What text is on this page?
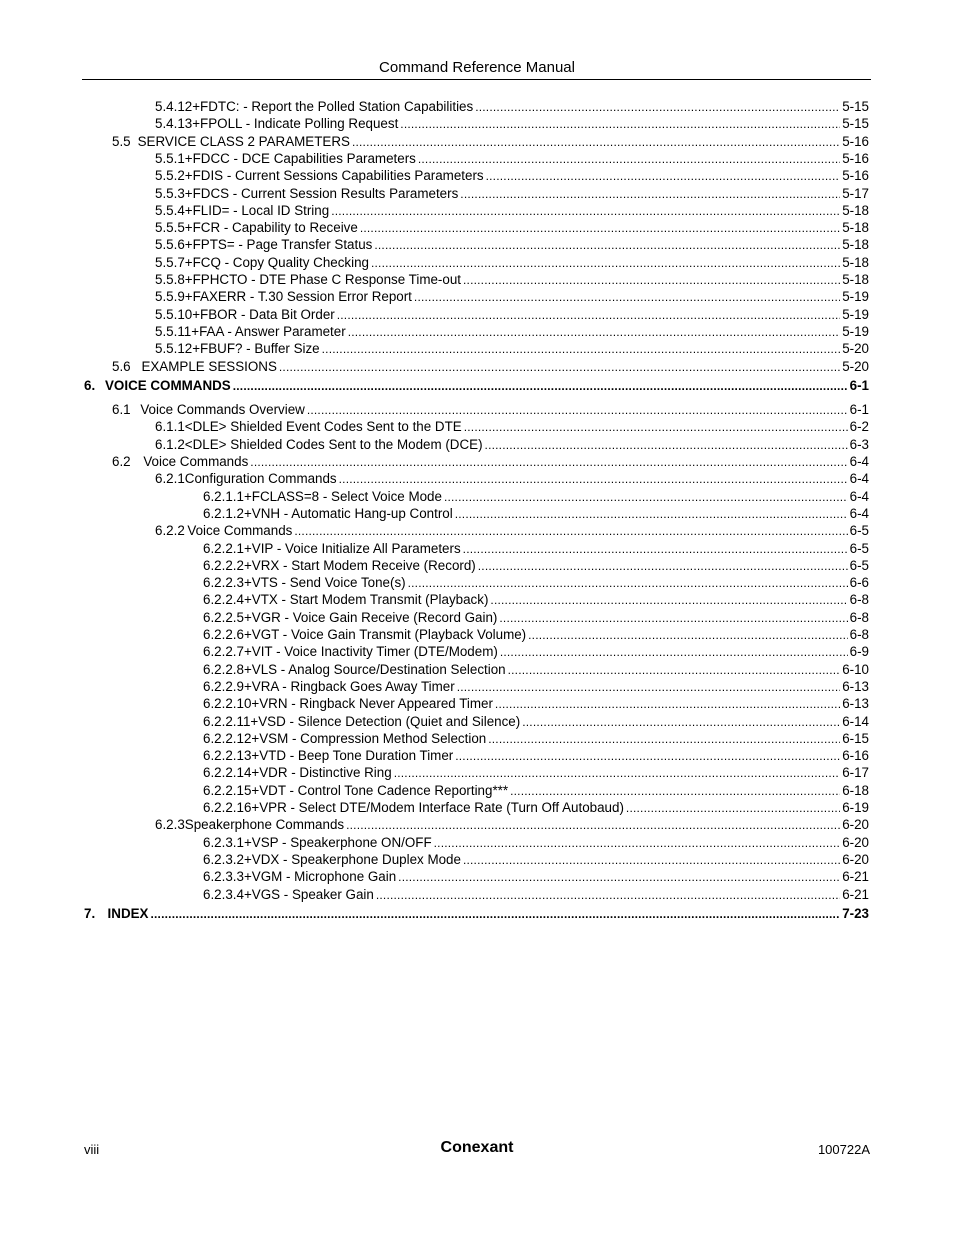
Command Reference Manual
5.4.12 +FDTC: - Report the Polled Station Capabilities .....	5-15
5.4.13 +FPOLL - Indicate Polling Request .....	5-15
5.5 SERVICE CLASS 2 PARAMETERS .....	5-16
5.5.1 +FDCC - DCE Capabilities Parameters .....	5-16
5.5.2 +FDIS - Current Sessions Capabilities Parameters .....	5-16
5.5.3 +FDCS - Current Session Results Parameters .....	5-17
5.5.4 +FLID= - Local ID String .....	5-18
5.5.5 +FCR - Capability to Receive .....	5-18
5.5.6 +FPTS= - Page Transfer Status .....	5-18
5.5.7 +FCQ - Copy Quality Checking .....	5-18
5.5.8 +FPHCTO - DTE Phase C Response Time-out .....	5-18
5.5.9 +FAXERR - T.30 Session Error Report .....	5-19
5.5.10 +FBOR - Data Bit Order .....	5-19
5.5.11 +FAA - Answer Parameter .....	5-19
5.5.12 +FBUF? - Buffer Size .....	5-20
5.6 EXAMPLE SESSIONS .....	5-20
6. VOICE COMMANDS .....	6-1
6.1 Voice Commands Overview .....	6-1
6.1.1 <DLE> Shielded Event Codes Sent to the DTE .....	6-2
6.1.2 <DLE> Shielded Codes Sent to the Modem (DCE) .....	6-3
6.2 Voice Commands .....	6-4
6.2.1 Configuration Commands .....	6-4
6.2.1.1 +FCLASS=8 - Select Voice Mode .....	6-4
6.2.1.2 +VNH - Automatic Hang-up Control .....	6-4
6.2.2 Voice Commands .....	6-5
6.2.2.1 +VIP - Voice Initialize All Parameters .....	6-5
6.2.2.2 +VRX - Start Modem Receive (Record) .....	6-5
6.2.2.3 +VTS - Send Voice Tone(s) .....	6-6
6.2.2.4 +VTX - Start Modem Transmit (Playback) .....	6-8
6.2.2.5 +VGR - Voice Gain Receive (Record Gain) .....	6-8
6.2.2.6 +VGT - Voice Gain Transmit (Playback Volume) .....	6-8
6.2.2.7 +VIT - Voice Inactivity Timer (DTE/Modem) .....	6-9
6.2.2.8 +VLS - Analog Source/Destination Selection .....	6-10
6.2.2.9 +VRA - Ringback Goes Away Timer .....	6-13
6.2.2.10 +VRN - Ringback Never Appeared Timer .....	6-13
6.2.2.11 +VSD - Silence Detection (Quiet and Silence) .....	6-14
6.2.2.12 +VSM - Compression Method Selection .....	6-15
6.2.2.13 +VTD - Beep Tone Duration Timer .....	6-16
6.2.2.14 +VDR - Distinctive Ring .....	6-17
6.2.2.15 +VDT - Control Tone Cadence Reporting*** .....	6-18
6.2.2.16 +VPR - Select DTE/Modem Interface Rate (Turn Off Autobaud) .....	6-19
6.2.3 Speakerphone Commands .....	6-20
6.2.3.1 +VSP - Speakerphone ON/OFF .....	6-20
6.2.3.2 +VDX - Speakerphone Duplex Mode .....	6-20
6.2.3.3 +VGM - Microphone Gain .....	6-21
6.2.3.4 +VGS - Speaker Gain .....	6-21
7. INDEX .....	7-23
viii	Conexant	100722A
